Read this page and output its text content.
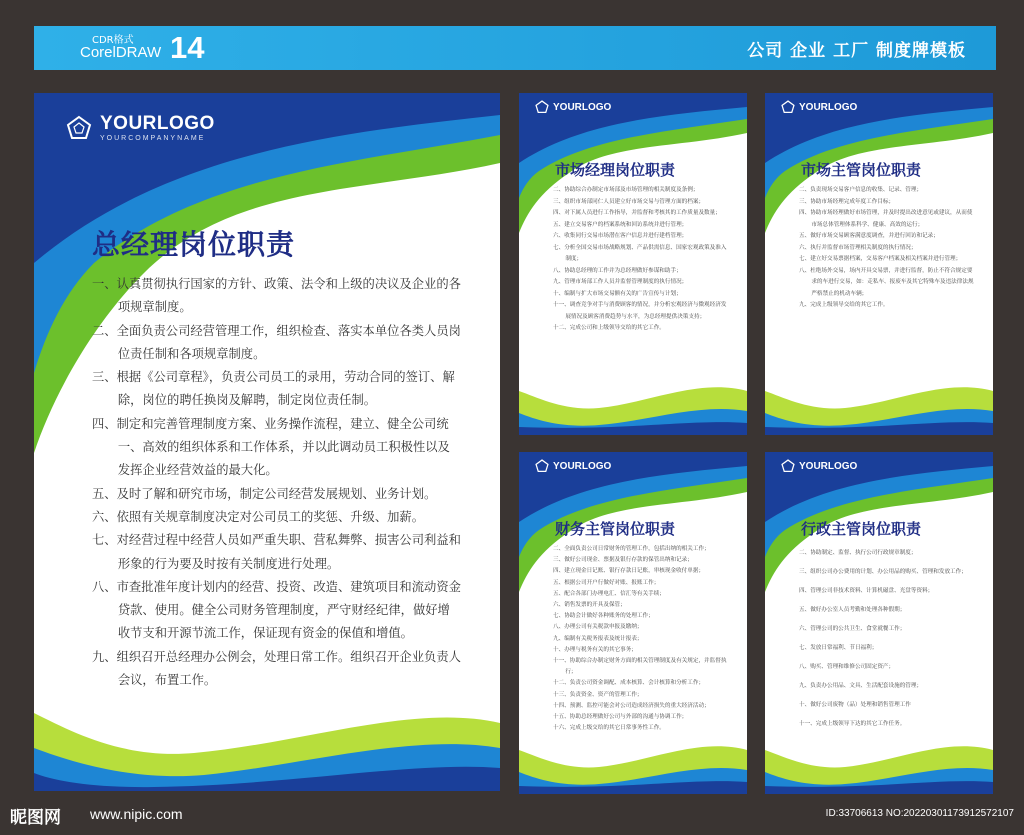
CDR格式
CorelDRAW 14	公司 企业 工厂 制度牌模板
YOURLOGO
YOURCOMPANYNAME
总经理岗位职责
一、认真贯彻执行国家的方针、政策、法令和上级的决议及企业的各项规章制度。
二、全面负责公司经营管理工作，组织检查、落实本单位各类人员岗位责任制和各项规章制度。
三、根据《公司章程》，负责公司员工的录用，劳动合同的签订、解除，岗位的聘任换岗及解聘，制定岗位责任制。
四、制定和完善管理制度方案、业务操作流程，建立、健全公司统一、高效的组织体系和工作体系，并以此调动员工积极性以及发挥企业经营效益的最大化。
五、及时了解和研究市场，制定公司经营发展规划、业务计划。
六、依照有关规章制度决定对公司员工的奖惩、升级、加薪。
七、对经营过程中经营人员如严重失职、营私舞弊、损害公司利益和形象的行为要及时按有关制度进行处理。
八、市查批准年度计划内的经营、投资、改造、建筑项目和流动资金贷款、使用。健全公司财务管理制度，严守财经纪律，做好增收节支和开源节流工作，保证现有资金的保值和增值。
九、组织召开总经理办公例会，处理日常工作。组织召开企业负责人会议，布置工作。
YOURLOGO
市场经理岗位职责
二、协助综合办制定市场部及市场管理的相关制度及条例；
三、组织市场部同仁人员建立好市场交易与管理方面的档案；
四、对下属人员进行工作指导，并监督和考核其的工作质量及数量；
五、建立交易客户的档案系统和回访系统并进行管理；
六、收集同行交易市场潜在客户信息并进行建档管理；
七、分析全国交易市场战略规划、产品供需信息、国家宏观政策及准入制度；
八、协助总经理的工作并为总经理做好参谋和助手；
九、管理市场部工作人员并监督管理制度的执行情况；
十、编制与扩大市场交易额有关的广告宣传与计划；
十一、调查竞争对手与消费顾客的情况，并分析宏观经济与微观经济发展情况及顾客消费趋势与水平，为总经理提供决策支持；
十二、完成公司和上级领导交给的其它工作。
YOURLOGO
市场主管岗位职责
二、负责现场交易客户信息的收集、记录、管理；
三、协助市场经理完成年度工作目标；
四、协助市场经理做好市场管理，并及时提出改进意见或建议，从而使市场总体管理体系科学、健康、高效的运行；
五、做好市场交易顾客满意度调查，并进行回访和记录；
六、执行并监督市场管理相关制度的执行情况；
七、建立好交易票据档案，交易客户档案及相关档案并进行管理；
八、杜绝场外交易，场内开具交易票，并进行监督，防止不符合规定要求的车进行交易，如：走私车、报废车及其它特殊车及违法律法规严格禁止的机动车辆；
九、完成上级领导交给的其它工作。
YOURLOGO
财务主管岗位职责
二、全面负责公司日常财务的管理工作，包括出纳的相关工作；
三、做好公司现金、票据及银行存款的保管出纳和记录；
四、建立现金日记账、银行存款日记账，审核现金收付单据；
五、根据公司开户行做好对账、报账工作；
五、配合各部门办理电汇、信汇等有关手续；
六、销售发票的开具及保管；
七、协助会计做好各种账务的处理工作；
八、办理公司有关税款申报及缴纳；
九、编制有关税务报表及统计报表；
十、办理与税务有关的其它事务；
十一、协助综合办制定财务方面的相关管理制度及有关规定，并监督执行；
十二、负责公司资金调配、成本核算、会计核算和分析工作；
十三、负责资金、资产的管理工作；
十四、预测、监控可能会对公司造成经济损失的重大经济活动；
十五、协助总经理做好公司与外部的沟通与协调工作；
十六、完成上级交给的其它日常事务性工作。
YOURLOGO
行政主管岗位职责
二、协助制定、监督、执行公司行政规章制度；
三、组织公司办公费用的计划、办公用品的购买、管理和发放工作；
四、管理公司非技术资料、计算机磁盘、光盘等资料；
五、做好办公室人员考勤和处理各种假期；
六、管理公司的公共卫生、食堂就餐工作；
七、发放日常福利、节日福利；
八、购买、管理和维修公司固定资产；
九、负责办公用品、文具、生活配套设施的管理；
十、做好公司废物（品）处理和销售管理工作
十一、完成上级领导下达的其它工作任务。
昵图网 www.nipic.com	ID:33706613 NO:20220301173912572107
